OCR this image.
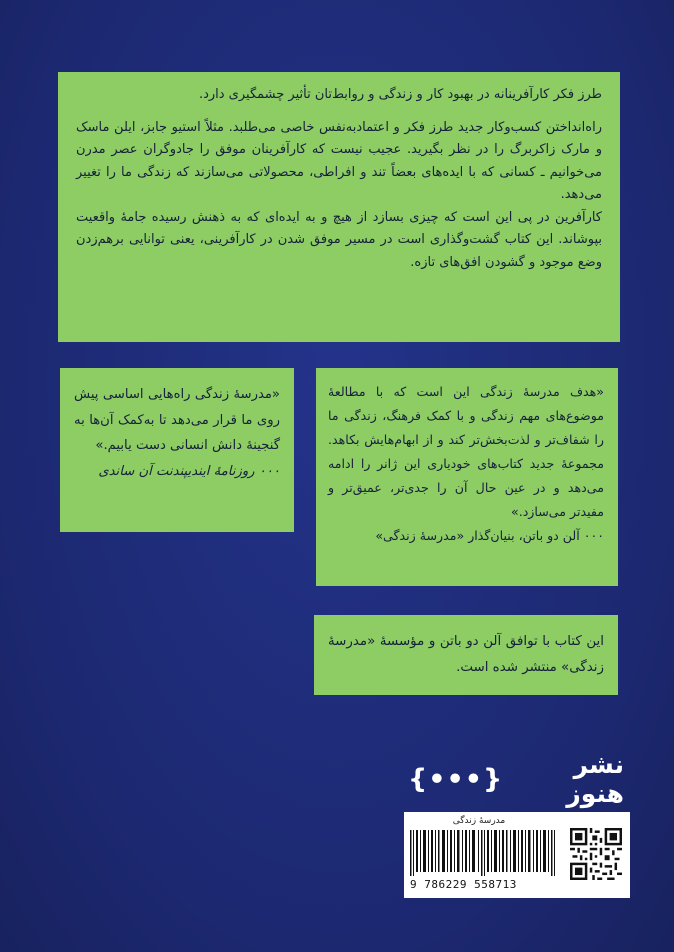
طرز فکر کارآفرینانه در بهبود کار و زندگی و روابط‌تان تأثیر چشمگیری دارد.

راه‌انداختن کسب‌وکار جدید طرز فکر و اعتمادبه‌نفس خاصی می‌طلبد. مثلاً استیو جابز، ایلن ماسک و مارک زاکربرگ را در نظر بگیرید. عجیب نیست که کارآفرینان موفق را جادوگران عصر مدرن می‌خوانیم ـ کسانی که با ایده‌های بعضاً تند و افراطی، محصولاتی می‌سازند که زندگی ما را تغییر می‌دهد.

کارآفرین در پی این است که چیزی بسازد از هیچ و به ایده‌ای که به ذهنش رسیده جامهٔ واقعیت بپوشاند. این کتاب گشت‌وگذاری است در مسیر موفق شدن در کارآفرینی، یعنی توانایی برهم‌زدن وضع موجود و گشودن افق‌های تازه.

«مدرسهٔ زندگی راه‌هایی اساسی پیش روی ما قرار می‌دهد تا به‌کمک آن‌ها به گنجینهٔ دانش انسانی دست یابیم.»

۰۰۰ روزنامهٔ ایندیپندنت آن ساندی

«هدف مدرسهٔ زندگی این است که با مطالعهٔ موضوع‌های مهم زندگی و با کمک فرهنگ، زندگی ما را شفاف‌تر و لذت‌بخش‌تر کند و از ابهام‌هایش بکاهد. مجموعهٔ جدید کتاب‌های خودیاری این ژانر را ادامه می‌دهد و در عین حال آن را جدی‌تر، عمیق‌تر و مفیدتر می‌سازد.»

۰۰۰ آلن دو باتن، بنیان‌گذار «مدرسهٔ زندگی»

این کتاب با توافق آلن دو باتن و مؤسسهٔ «مدرسهٔ زندگی» منتشر شده است.

نشر هنوز
{•••}
مدرسهٔ زندگی
9 786229 558713
